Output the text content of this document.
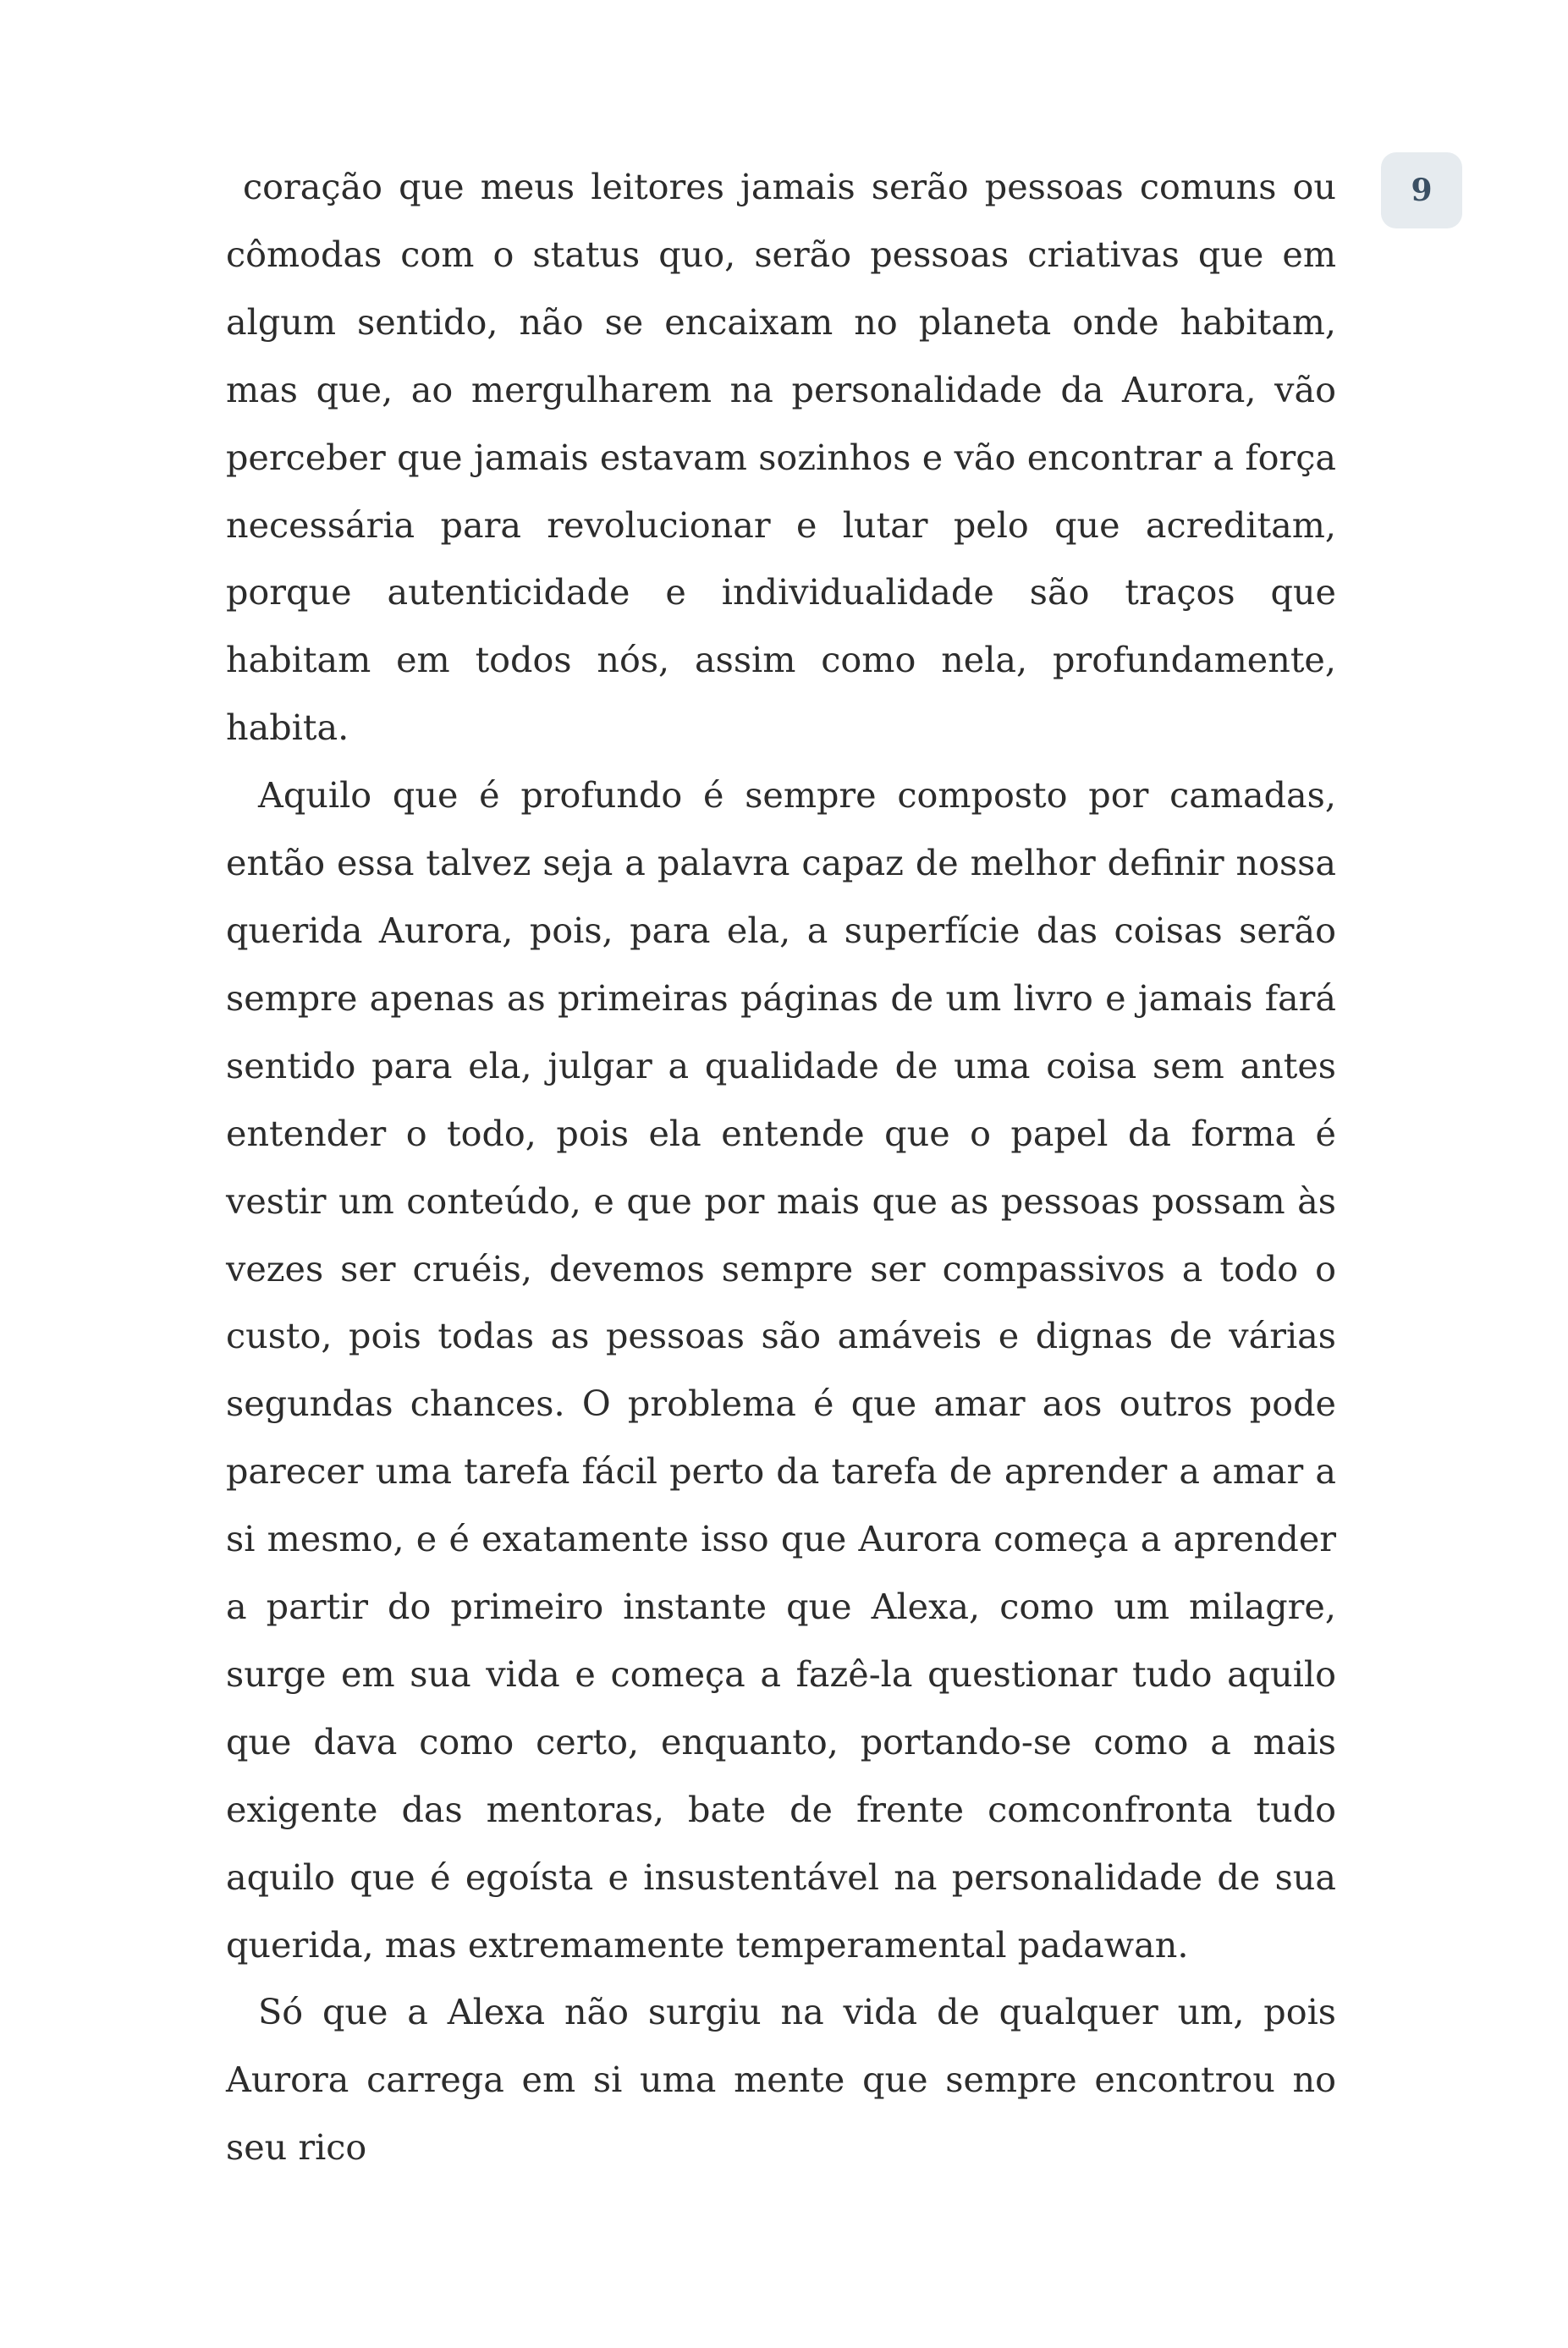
9

coração que meus leitores jamais serão pessoas comuns ou cômodas com o status quo, serão pessoas criativas que em algum sentido, não se encaixam no planeta onde habitam, mas que, ao mergulharem na personalidade da Aurora, vão perceber que jamais estavam sozinhos e vão encontrar a força necessária para revolucionar e lutar pelo que acreditam, porque autenticidade e individualidade são traços que habitam em todos nós, assim como nela, profundamente, habita.

Aquilo que é profundo é sempre composto por camadas, então essa talvez seja a palavra capaz de melhor definir nossa querida Aurora, pois, para ela, a superfície das coisas serão sempre apenas as primeiras páginas de um livro e jamais fará sentido para ela, julgar a qualidade de uma coisa sem antes entender o todo, pois ela entende que o papel da forma é vestir um conteúdo, e que por mais que as pessoas possam às vezes ser cruéis, devemos sempre ser compassivos a todo o custo, pois todas as pessoas são amáveis e dignas de várias segundas chances. O problema é que amar aos outros pode parecer uma tarefa fácil perto da tarefa de aprender a amar a si mesmo, e é exatamente isso que Aurora começa a aprender a partir do primeiro instante que Alexa, como um milagre, surge em sua vida e começa a fazê-la questionar tudo aquilo que dava como certo, enquanto, portando-se como a mais exigente das mentoras, bate de frente comconfronta tudo aquilo que é egoísta e insustentável na personalidade de sua querida, mas extremamente temperamental padawan.

Só que a Alexa não surgiu na vida de qualquer um, pois Aurora carrega em si uma mente que sempre encontrou no seu rico
